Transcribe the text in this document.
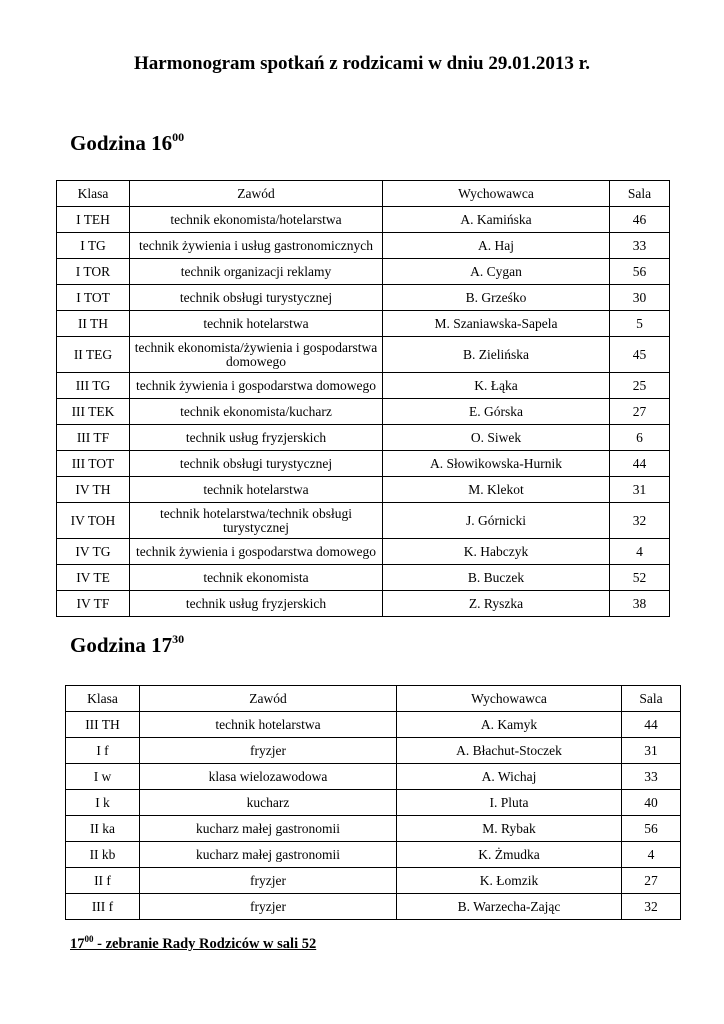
Harmonogram spotkań z rodzicami w dniu 29.01.2013 r.
Godzina $16^{00}$
Klasa	Zawód	Wychowawca	Sala
I TEH	technik ekonomista/hotelarstwa	A. Kamińska	46
I TG	technik żywienia i usług gastronomicznych	A. Haj	33
I TOR	technik organizacji reklamy	A. Cygan	56
I TOT	technik obsługi turystycznej	B. Grześko	30
II TH	technik hotelarstwa	M. Szaniawska-Sapela	5
II TEG	technik ekonomista/żywienia i gospodarstwa domowego	B. Zielińska	45
III TG	technik żywienia i gospodarstwa domowego	K. Łąka	25
III TEK	technik ekonomista/kucharz	E. Górska	27
III TF	technik usług fryzjerskich	O. Siwek	6
III TOT	technik obsługi turystycznej	A. Słowikowska-Hurnik	44
IV TH	technik hotelarstwa	M. Klekot	31
IV TOH	technik hotelarstwa/technik obsługi turystycznej	J. Górnicki	32
IV TG	technik żywienia i gospodarstwa domowego	K. Habczyk	4
IV TE	technik ekonomista	B. Buczek	52
IV TF	technik usług fryzjerskich	Z. Ryszka	38
Godzina $17^{30}$
Klasa	Zawód	Wychowawca	Sala
III TH	technik hotelarstwa	A. Kamyk	44
I f	fryzjer	A. Błachut-Stoczek	31
I w	klasa wielozawodowa	A. Wichaj	33
I k	kucharz	I. Pluta	40
II ka	kucharz małej gastronomii	M. Rybak	56
II kb	kucharz małej gastronomii	K. Żmudka	4
II f	fryzjer	K. Łomzik	27
III f	fryzjer	B. Warzecha-Zając	32
$17^{00}$ - zebranie Rady Rodziców w sali 52
